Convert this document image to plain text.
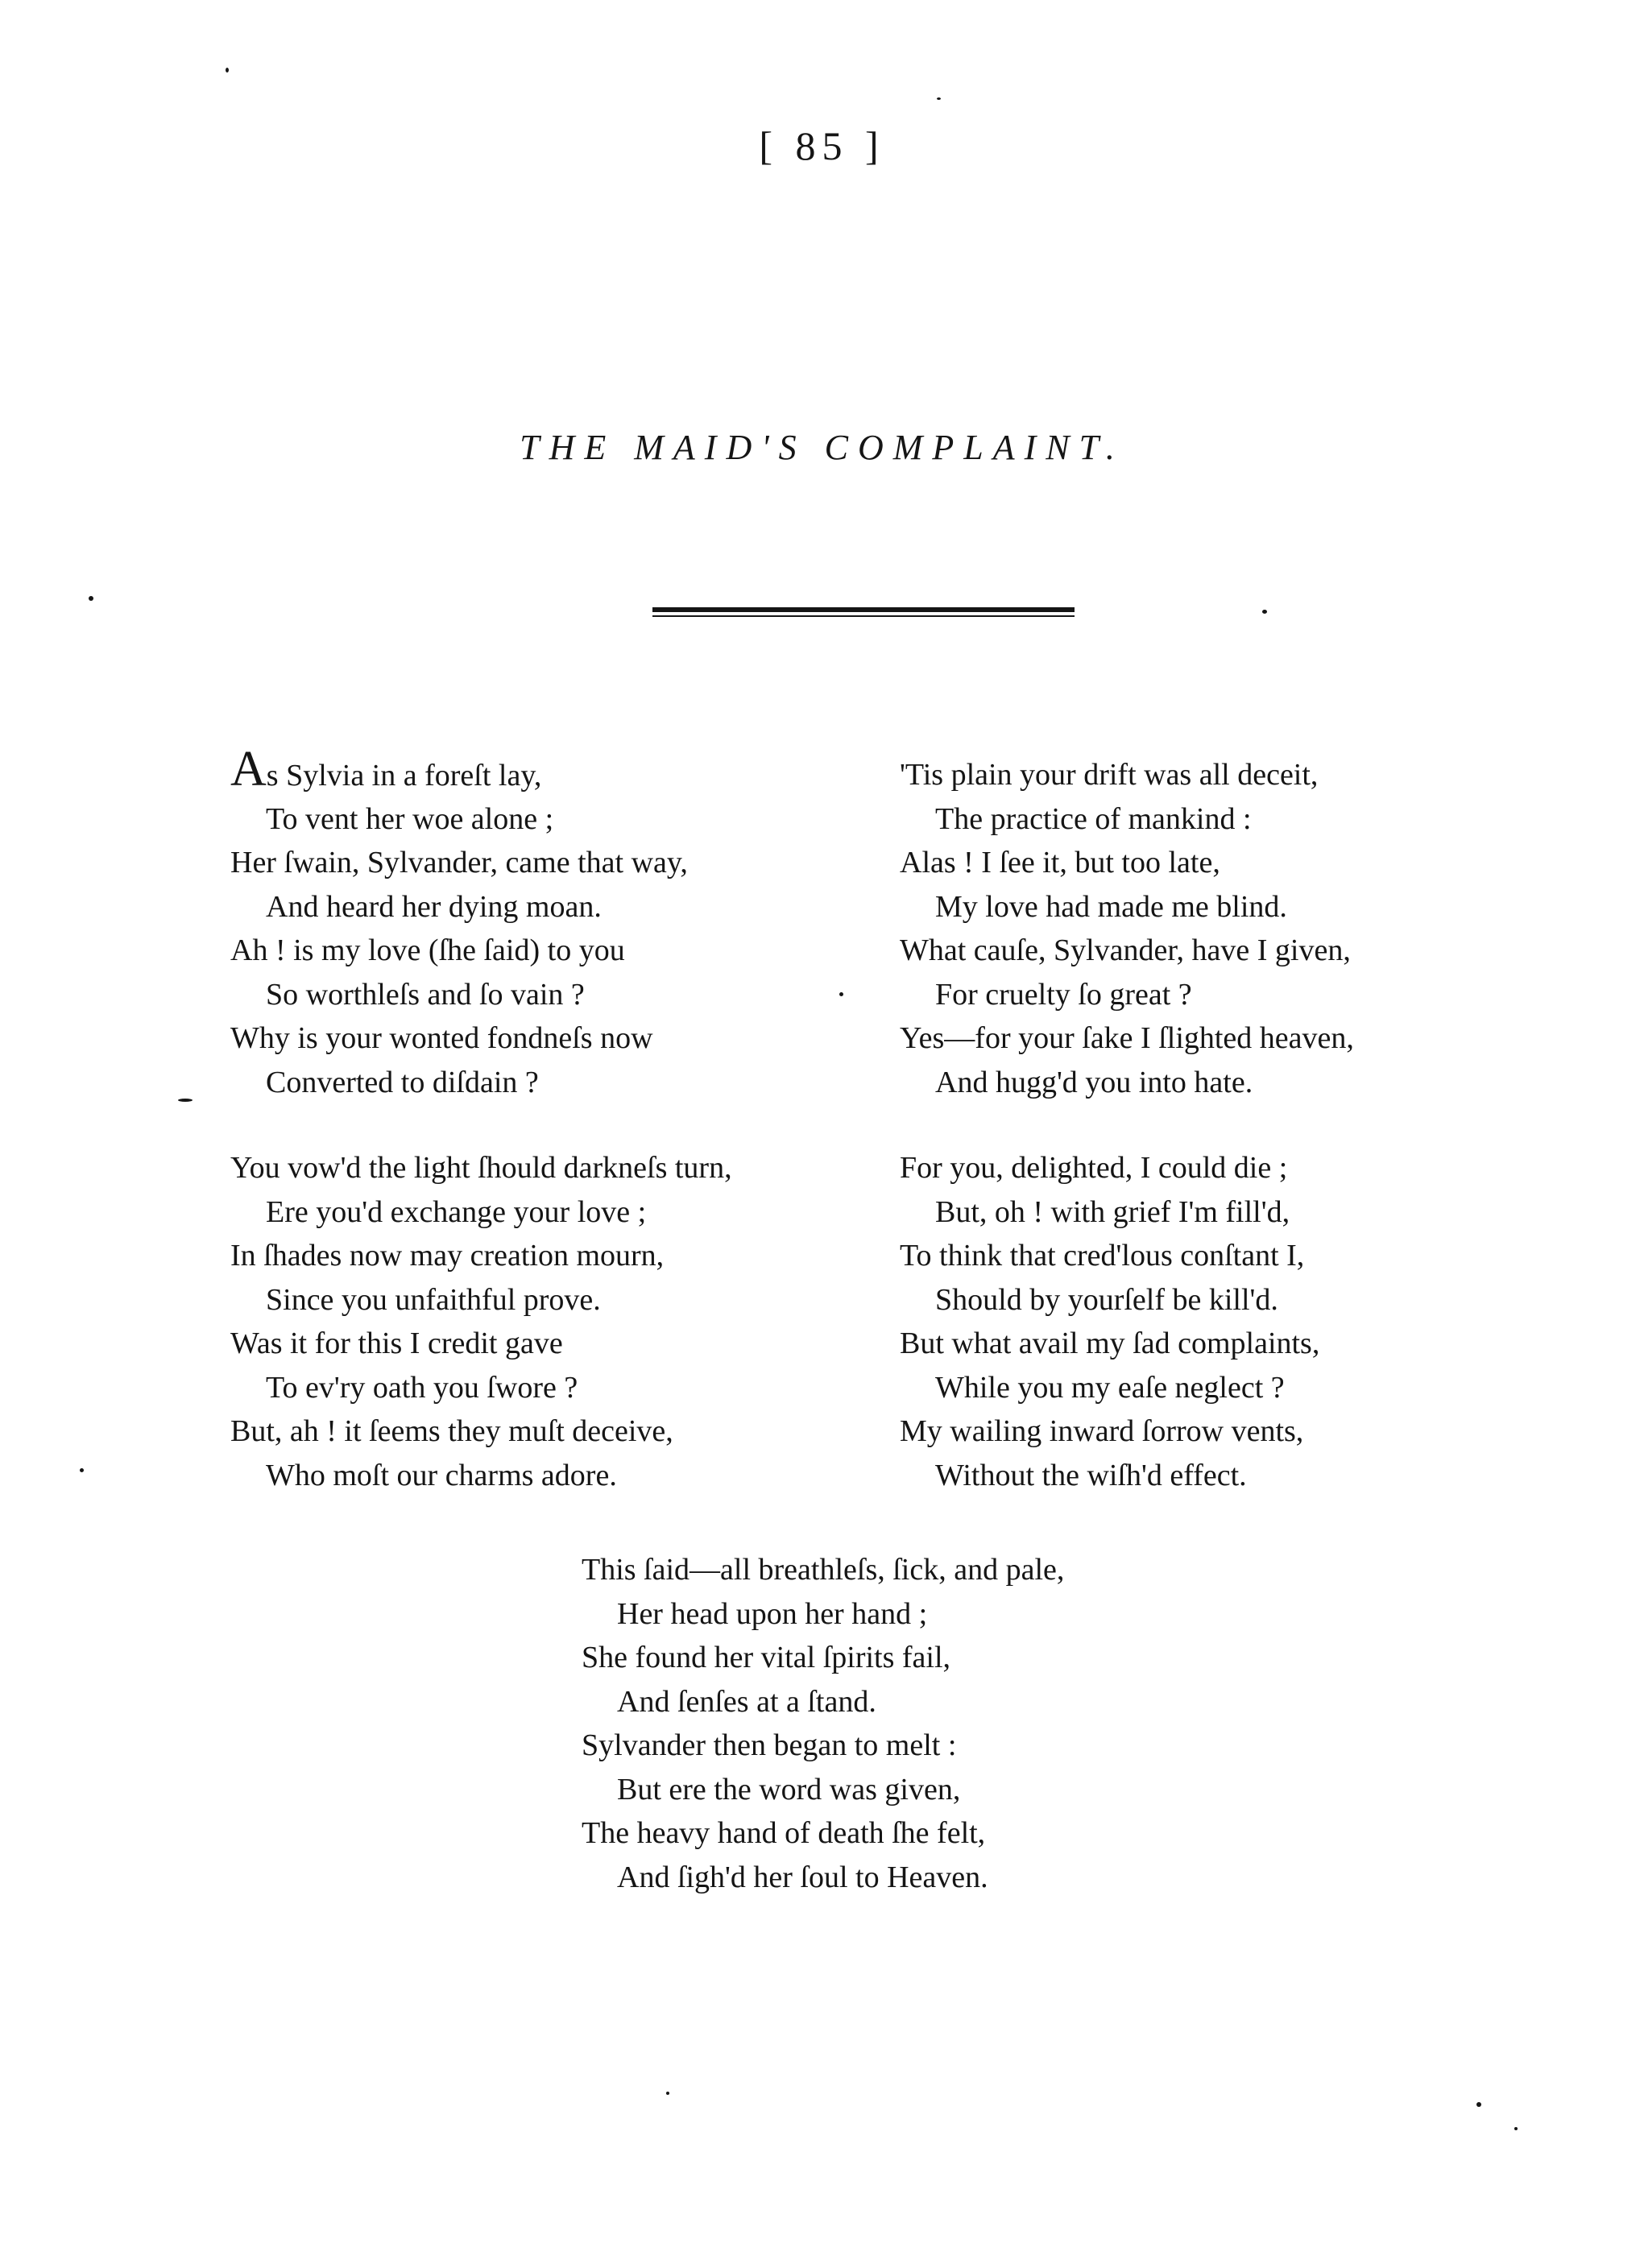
[ 85 ]
THE MAID'S COMPLAINT.
As Sylvia in a foreſt lay,
To vent her woe alone ;
Her ſwain, Sylvander, came that way,
And heard her dying moan.
Ah ! is my love (ſhe ſaid) to you
So worthleſs and ſo vain ?
Why is your wonted fondneſs now
Converted to diſdain ?
You vow'd the light ſhould darkneſs turn,
Ere you'd exchange your love ;
In ſhades now may creation mourn,
Since you unfaithful prove.
Was it for this I credit gave
To ev'ry oath you ſwore ?
But, ah ! it ſeems they muſt deceive,
Who moſt our charms adore.
'Tis plain your drift was all deceit,
The practice of mankind :
Alas ! I ſee it, but too late,
My love had made me blind.
What cauſe, Sylvander, have I given,
For cruelty ſo great ?
Yes—for your ſake I ſlighted heaven,
And hugg'd you into hate.
For you, delighted, I could die ;
But, oh ! with grief I'm fill'd,
To think that cred'lous conſtant I,
Should by yourſelf be kill'd.
But what avail my ſad complaints,
While you my eaſe neglect ?
My wailing inward ſorrow vents,
Without the wiſh'd effect.
This ſaid—all breathleſs, ſick, and pale,
Her head upon her hand ;
She found her vital ſpirits fail,
And ſenſes at a ſtand.
Sylvander then began to melt :
But ere the word was given,
The heavy hand of death ſhe felt,
And ſigh'd her ſoul to Heaven.
